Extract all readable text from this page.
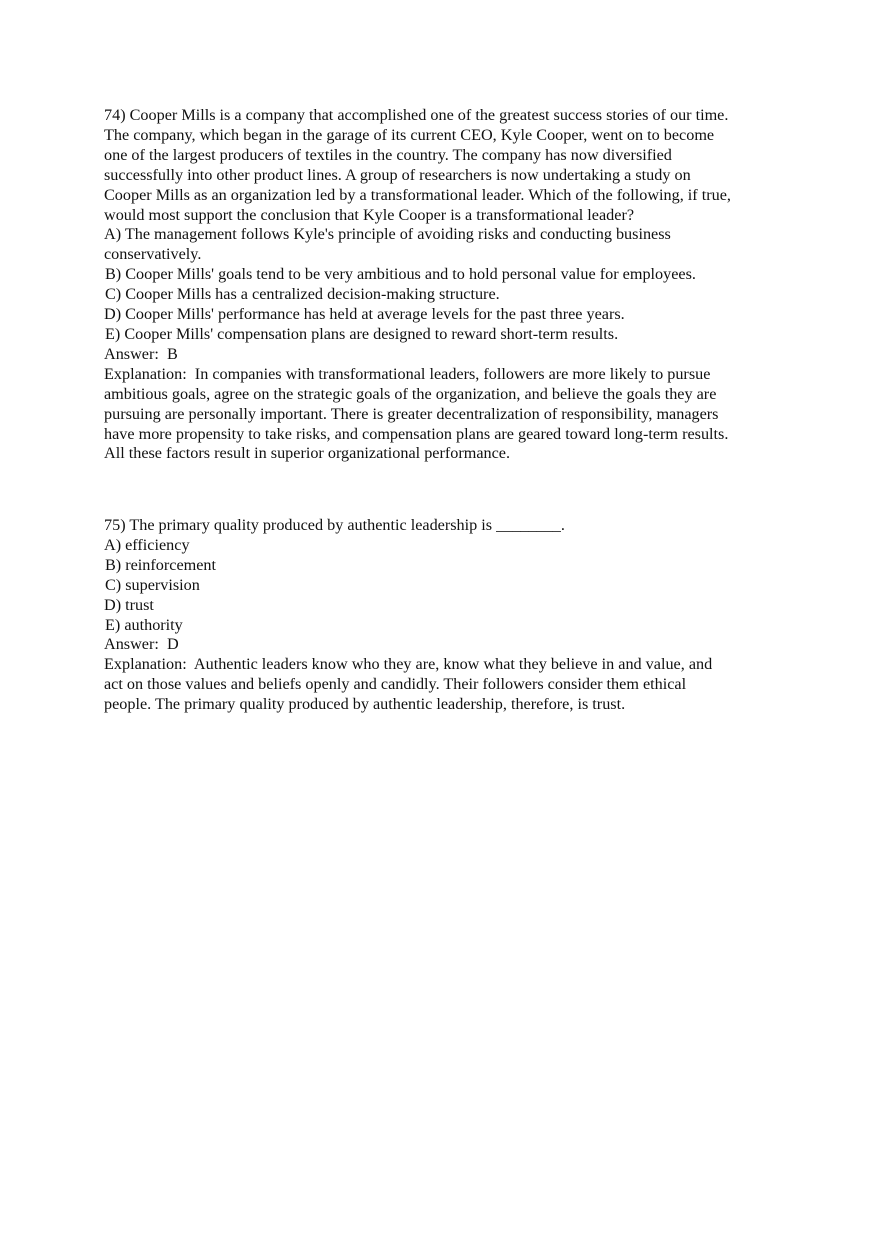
74) Cooper Mills is a company that accomplished one of the greatest success stories of our time.
The company, which began in the garage of its current CEO, Kyle Cooper, went on to become
one of the largest producers of textiles in the country. The company has now diversified
successfully into other product lines. A group of researchers is now undertaking a study on
Cooper Mills as an organization led by a transformational leader. Which of the following, if true,
would most support the conclusion that Kyle Cooper is a transformational leader?
A) The management follows Kyle's principle of avoiding risks and conducting business
conservatively.
B) Cooper Mills' goals tend to be very ambitious and to hold personal value for employees.
C) Cooper Mills has a centralized decision-making structure.
D) Cooper Mills' performance has held at average levels for the past three years.
E) Cooper Mills' compensation plans are designed to reward short-term results.
Answer:  B
Explanation:  In companies with transformational leaders, followers are more likely to pursue
ambitious goals, agree on the strategic goals of the organization, and believe the goals they are
pursuing are personally important. There is greater decentralization of responsibility, managers
have more propensity to take risks, and compensation plans are geared toward long-term results.
All these factors result in superior organizational performance.
75) The primary quality produced by authentic leadership is ________.
A) efficiency
B) reinforcement
C) supervision
D) trust
E) authority
Answer:  D
Explanation:  Authentic leaders know who they are, know what they believe in and value, and
act on those values and beliefs openly and candidly. Their followers consider them ethical
people. The primary quality produced by authentic leadership, therefore, is trust.
